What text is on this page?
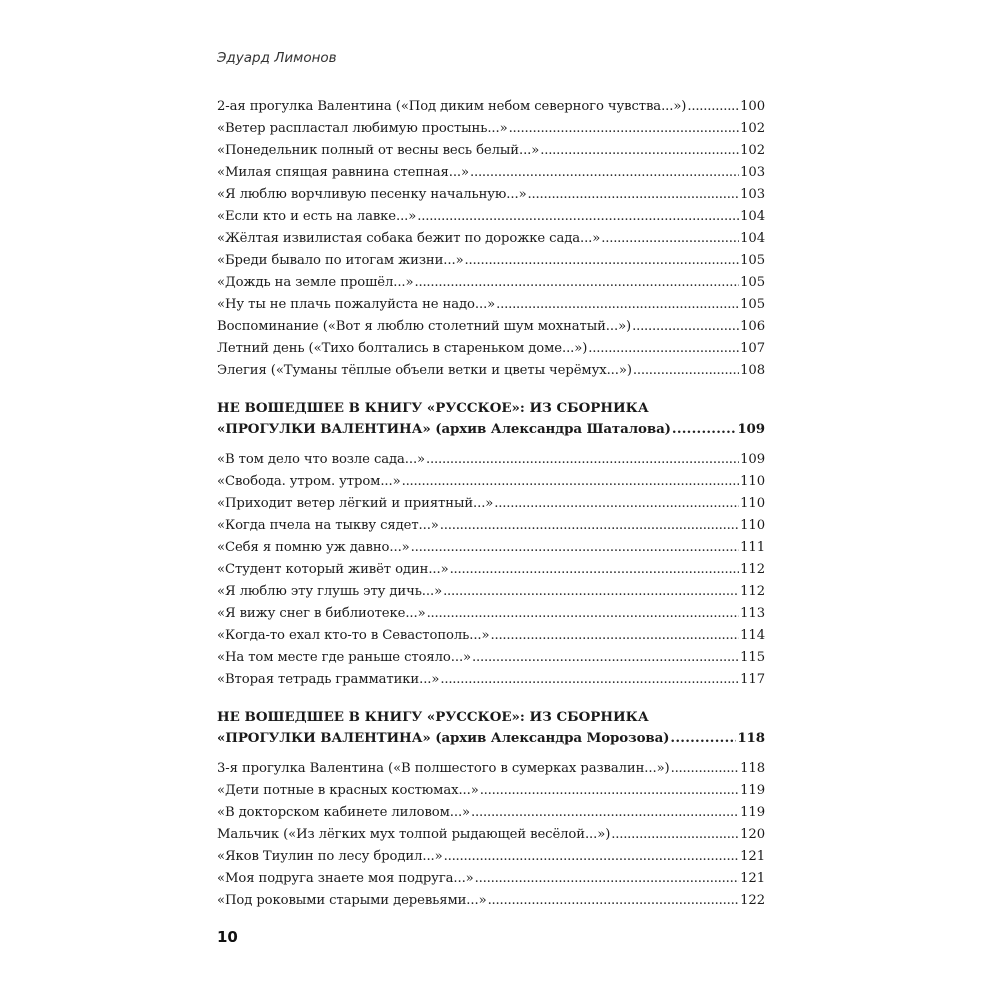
Эдуард Лимонов
2-ая прогулка Валентина («Под диким небом северного чувства...») . . .	100
«Ветер распластал любимую простынь...» . . .	102
«Понедельник полный от весны весь белый...» . . .	102
«Милая спящая равнина степная...» . . .	103
«Я люблю ворчливую песенку начальную...» . . .	103
«Если кто и есть на лавке...» . . .	104
«Жёлтая извилистая собака бежит по дорожке сада...» . . .	104
«Бреди бывало по итогам жизни...» . . .	105
«Дождь на земле прошёл...» . . .	105
«Ну ты не плачь пожалуйста не надо...» . . .	105
Воспоминание («Вот я люблю столетний шум мохнатый...») . . .	106
Летний день («Тихо болтались в стареньком доме...») . . .	107
Элегия («Туманы тёплые объели ветки и цветы черёмух...») . . .	108
НЕ ВОШЕДШЕЕ В КНИГУ «РУССКОЕ»: ИЗ СБОРНИКА
«ПРОГУЛКИ ВАЛЕНТИНА» (архив Александра Шаталова) . . .	109
«В том дело что возле сада...» . . .	109
«Свобода. утром. утром...» . . .	110
«Приходит ветер лёгкий и приятный...» . . .	110
«Когда пчела на тыкву сядет...» . . .	110
«Себя я помню уж давно...» . . .	111
«Студент который живёт один...» . . .	112
«Я люблю эту глушь эту дичь...» . . .	112
«Я вижу снег в библиотеке...» . . .	113
«Когда-то ехал кто-то в Севастополь...» . . .	114
«На том месте где раньше стояло...» . . .	115
«Вторая тетрадь грамматики...» . . .	117
НЕ ВОШЕДШЕЕ В КНИГУ «РУССКОЕ»: ИЗ СБОРНИКА
«ПРОГУЛКИ ВАЛЕНТИНА» (архив Александра Морозова) . . .	118
3-я прогулка Валентина («В полшестого в сумерках развалин...») . . .	118
«Дети потные в красных костюмах...» . . .	119
«В докторском кабинете лиловом...» . . .	119
Мальчик («Из лёгких мух толпой рыдающей весёлой...») . . .	120
«Яков Тиулин по лесу бродил...» . . .	121
«Моя подруга знаете моя подруга...» . . .	121
«Под роковыми старыми деревьями...» . . .	122
10
